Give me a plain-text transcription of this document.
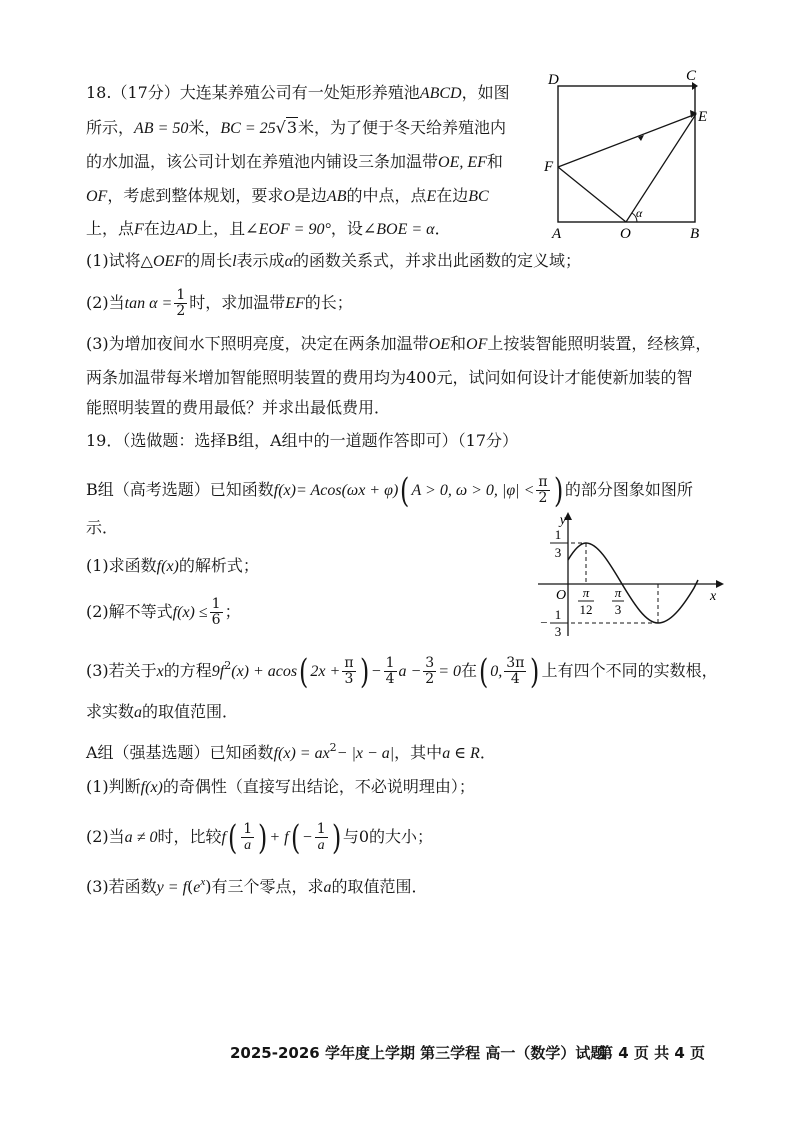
18.（17分）大连某养殖公司有一处矩形养殖池ABCD，如图
所示，AB = 50米，BC = 25√3米，为了便于冬天给养殖池内
的水加温，该公司计划在养殖池内铺设三条加温带OE, EF和
OF，考虑到整体规划，要求O是边AB的中点，点E在边BC
上，点F在边AD上，且∠EOF = 90°，设∠BOE = α．
D	C
E
F
A	O	B
α
(1)试将△OEF的周长l表示成α的函数关系式，并求出此函数的定义域；
(2)当$\tan \alpha = \frac{1}{2}$ 时，求加温带EF的长；
(3)为增加夜间水下照明亮度，决定在两条加温带OE和OF上按装智能照明装置，经核算，
两条加温带每米增加智能照明装置的费用均为400元，试问如何设计才能使新加装的智
能照明装置的费用最低？并求出最低费用．
19．（选做题：选择B组，A组中的一道题作答即可）（17分）
B组（高考选题）已知函数f(x)= Acos(ωx + φ)( A > 0, ω > 0, $|\varphi| < \frac{\pi}{2}$ ) 的部分图象如图所
示．
(1)求函数f(x)的解析式；
(2)解不等式$f(x) \le \frac{1}{6}$ ；
y
x
O
1
3
−
1
3
π
12
π
3
(3)若关于x的方程$9f^2(x) + acos$( $2x + \frac{\pi}{3}$ ) − $\frac{1}{4}$ $a - \frac{3}{2} = 0$在( 0, $\frac{3\pi}{4}$ ) 上有四个不同的实数根，
求实数a的取值范围．
A组（强基选题）已知函数$f(x) = ax^2- |x - a|$，其中a ∈ R．
(1)判断f(x)的奇偶性（直接写出结论，不必说明理由）；
(2)当a ≠ 0时，比较$f( \frac{1}{a}$ ) + $f( - \frac{1}{a}$ ) 与0的大小；
(3)若函数$y = f(e^x)$有三个零点，求a的取值范围．
2025-2026 学年度上学期 第三学程 高一（数学）试题
第 4 页 共 4 页
